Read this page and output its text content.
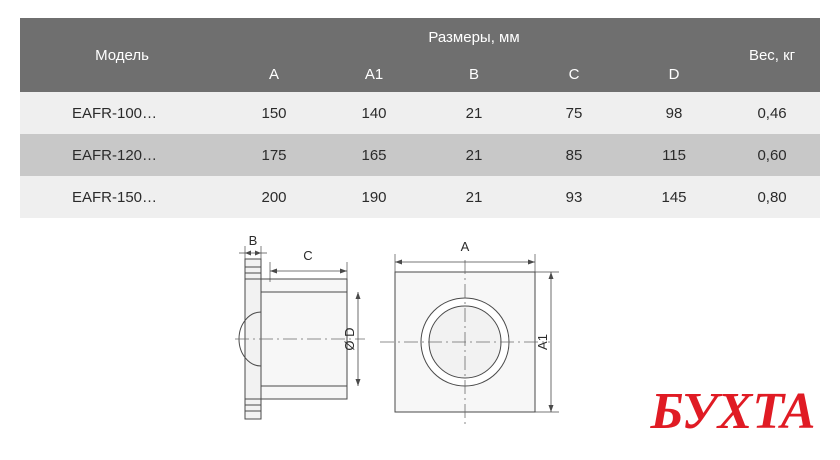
Модель	Размеры, мм					Вес, кг
	A	A1	B	C	D	
EAFR-100…	150	140	21	75	98	0,46
EAFR-120…	175	165	21	85	115	0,60
EAFR-150…	200	190	21	93	145	0,80
B
C
A
Ø D	A1
БУХТА
